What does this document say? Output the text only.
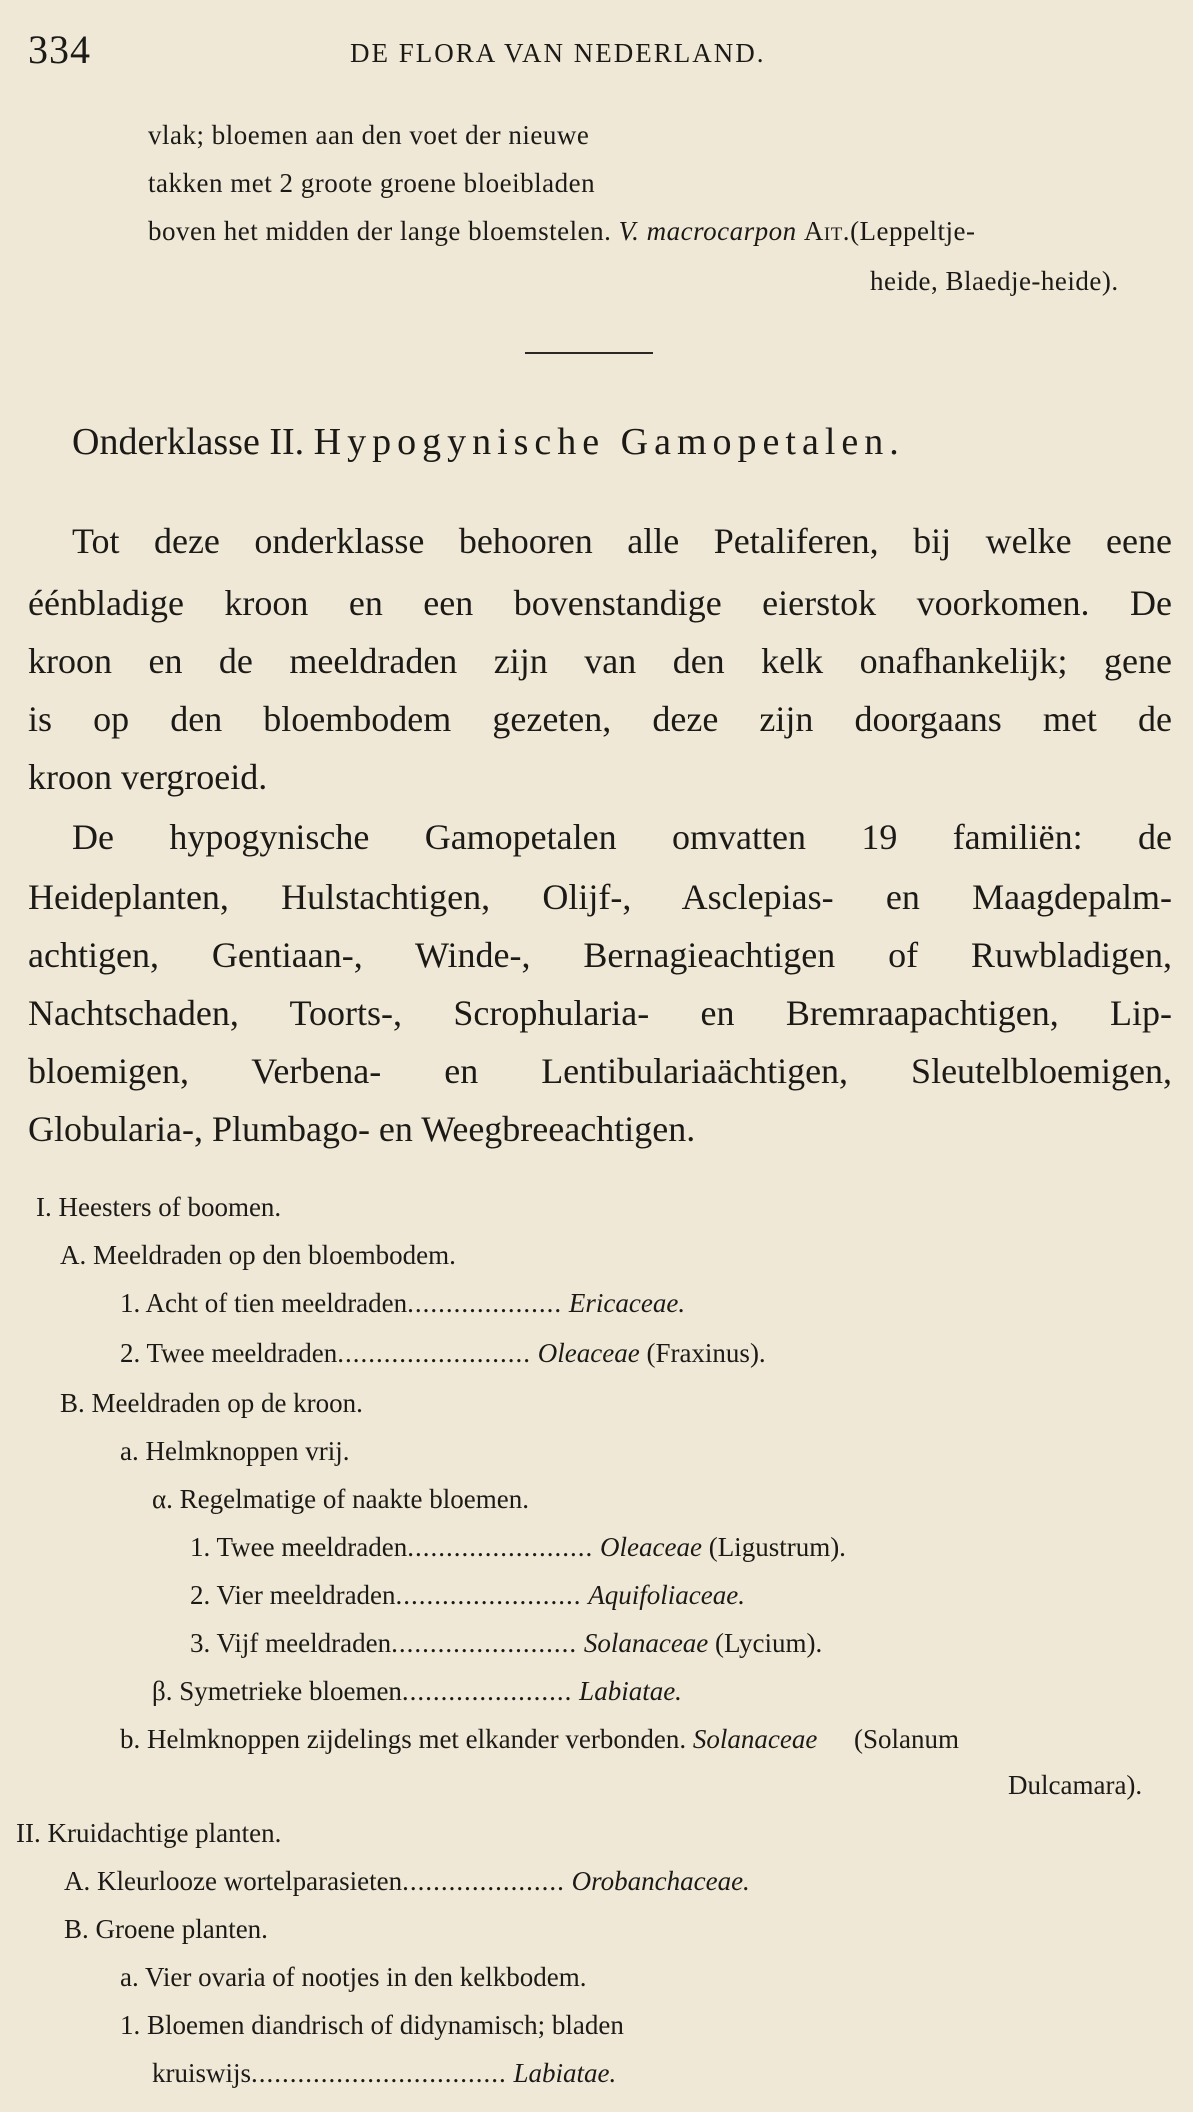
334	DE FLORA VAN NEDERLAND.
vlak; bloemen aan den voet der nieuwe
takken met 2 groote groene bloeibladen
boven het midden der lange bloemstelen. V. macrocarpon Ait.(Leppeltje-
heide, Blaedje-heide).
Onderklasse II. Hypogynische Gamopetalen.
Tot deze onderklasse behooren alle Petaliferen, bij welke eene
éénbladige kroon en een bovenstandige eierstok voorkomen. De
kroon en de meeldraden zijn van den kelk onafhankelijk; gene
is op den bloembodem gezeten, deze zijn doorgaans met de
kroon vergroeid.
De hypogynische Gamopetalen omvatten 19 familiën: de
Heideplanten, Hulstachtigen, Olijf-, Asclepias- en Maagdepalm-
achtigen, Gentiaan-, Winde-, Bernagieachtigen of Ruwbladigen,
Nachtschaden, Toorts-, Scrophularia- en Bremraapachtigen, Lip-
bloemigen, Verbena- en Lentibulariaächtigen, Sleutelbloemigen,
Globularia-, Plumbago- en Weegbreeachtigen.
I. Heesters of boomen.
A. Meeldraden op den bloembodem.
1. Acht of tien meeldraden.................... Ericaceae.
2. Twee meeldraden......................... Oleaceae (Fraxinus).
B. Meeldraden op de kroon.
a. Helmknoppen vrij.
α. Regelmatige of naakte bloemen.
1. Twee meeldraden........................ Oleaceae (Ligustrum).
2. Vier meeldraden........................ Aquifoliaceae.
3. Vijf meeldraden........................ Solanaceae (Lycium).
β. Symetrieke bloemen...................... Labiatae.
b. Helmknoppen zijdelings met elkander verbonden. Solanaceae (Solanum
Dulcamara).
II. Kruidachtige planten.
A. Kleurlooze wortelparasieten..................... Orobanchaceae.
B. Groene planten.
a. Vier ovaria of nootjes in den kelkbodem.
1. Bloemen diandrisch of didynamisch; bladen
kruiswijs................................. Labiatae.
